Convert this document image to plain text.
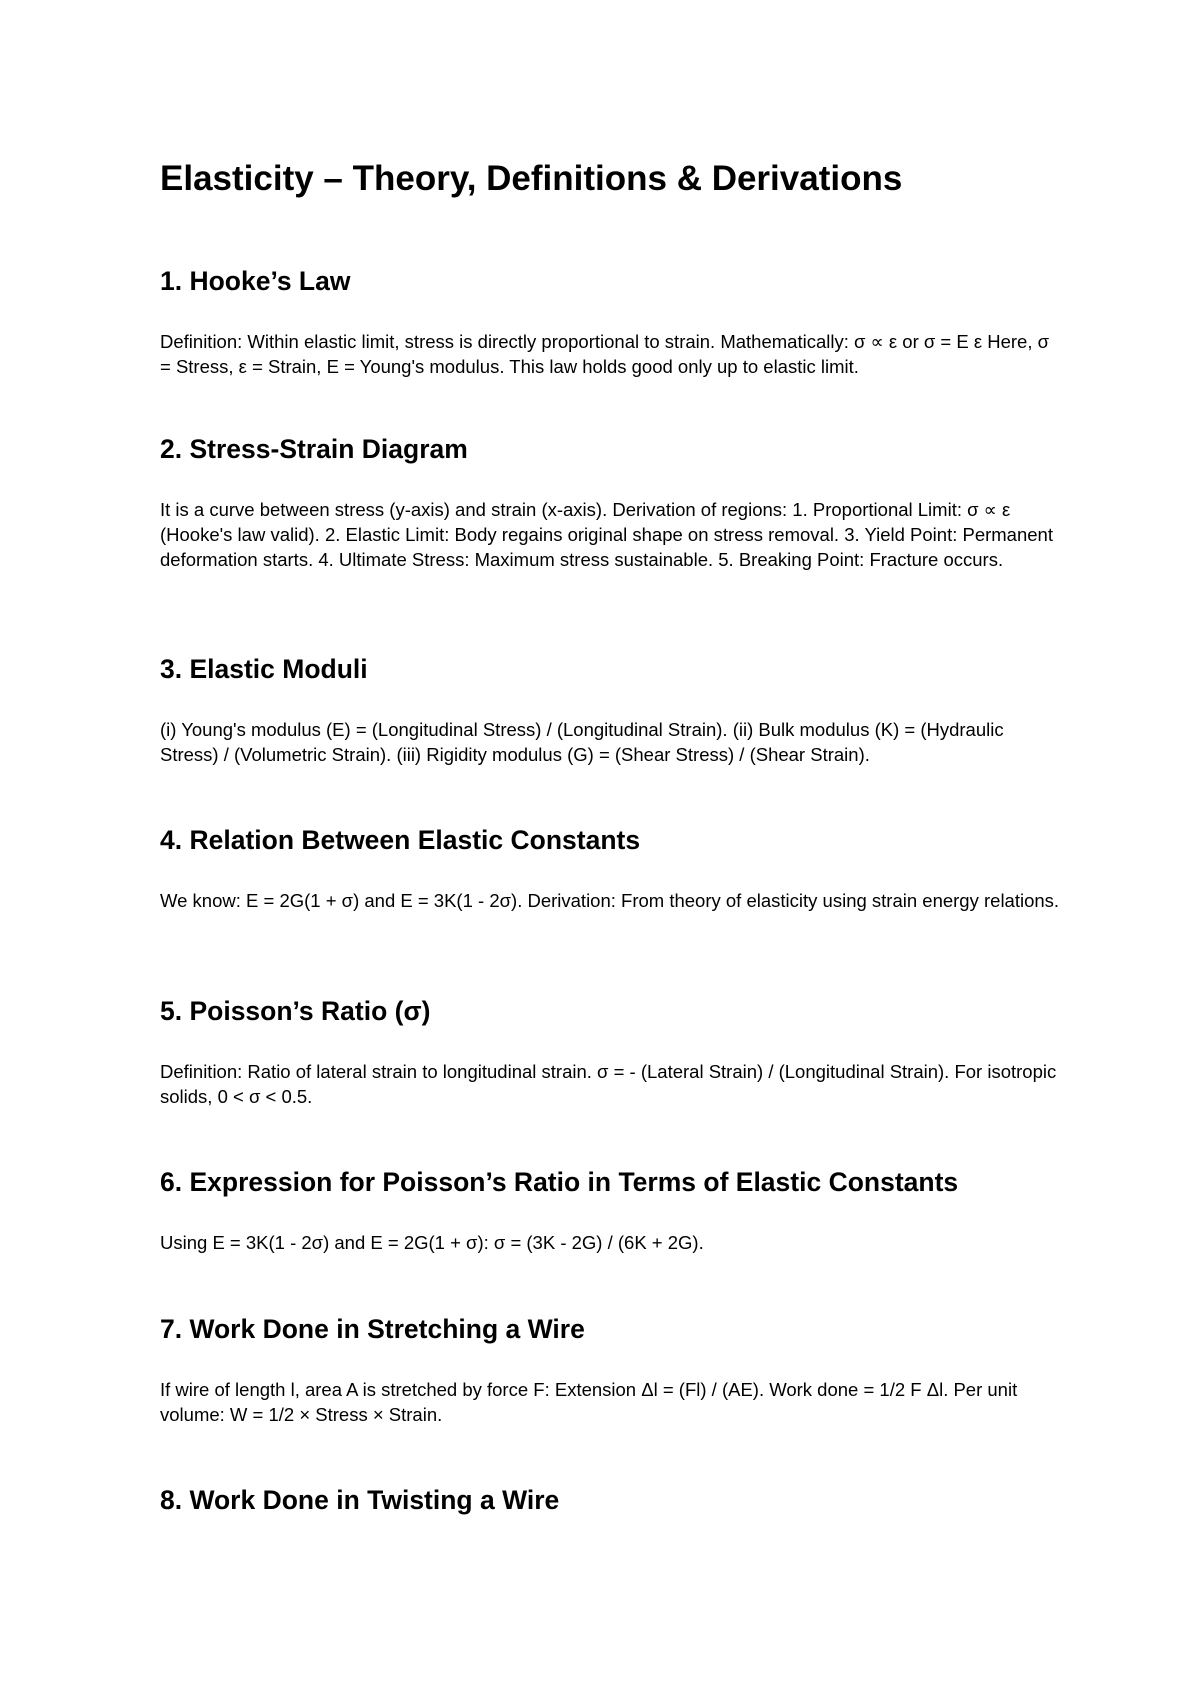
Elasticity – Theory, Definitions & Derivations
1. Hooke’s Law

Definition: Within elastic limit, stress is directly proportional to strain. Mathematically: σ ∝ ε or σ = E ε Here, σ = Stress, ε = Strain, E = Young's modulus. This law holds good only up to elastic limit.

2. Stress-Strain Diagram

It is a curve between stress (y-axis) and strain (x-axis). Derivation of regions: 1. Proportional Limit: σ ∝ ε (Hooke's law valid). 2. Elastic Limit: Body regains original shape on stress removal. 3. Yield Point: Permanent deformation starts. 4. Ultimate Stress: Maximum stress sustainable. 5. Breaking Point: Fracture occurs.

3. Elastic Moduli

(i) Young's modulus (E) = (Longitudinal Stress) / (Longitudinal Strain). (ii) Bulk modulus (K) = (Hydraulic Stress) / (Volumetric Strain). (iii) Rigidity modulus (G) = (Shear Stress) / (Shear Strain).

4. Relation Between Elastic Constants

We know: E = 2G(1 + σ) and E = 3K(1 - 2σ). Derivation: From theory of elasticity using strain energy relations.

5. Poisson’s Ratio (σ)

Definition: Ratio of lateral strain to longitudinal strain. σ = - (Lateral Strain) / (Longitudinal Strain). For isotropic solids, 0 < σ < 0.5.

6. Expression for Poisson’s Ratio in Terms of Elastic Constants

Using E = 3K(1 - 2σ) and E = 2G(1 + σ): σ = (3K - 2G) / (6K + 2G).

7. Work Done in Stretching a Wire

If wire of length l, area A is stretched by force F: Extension Δl = (Fl) / (AE). Work done = 1/2 F Δl. Per unit volume: W = 1/2 × Stress × Strain.

8. Work Done in Twisting a Wire
